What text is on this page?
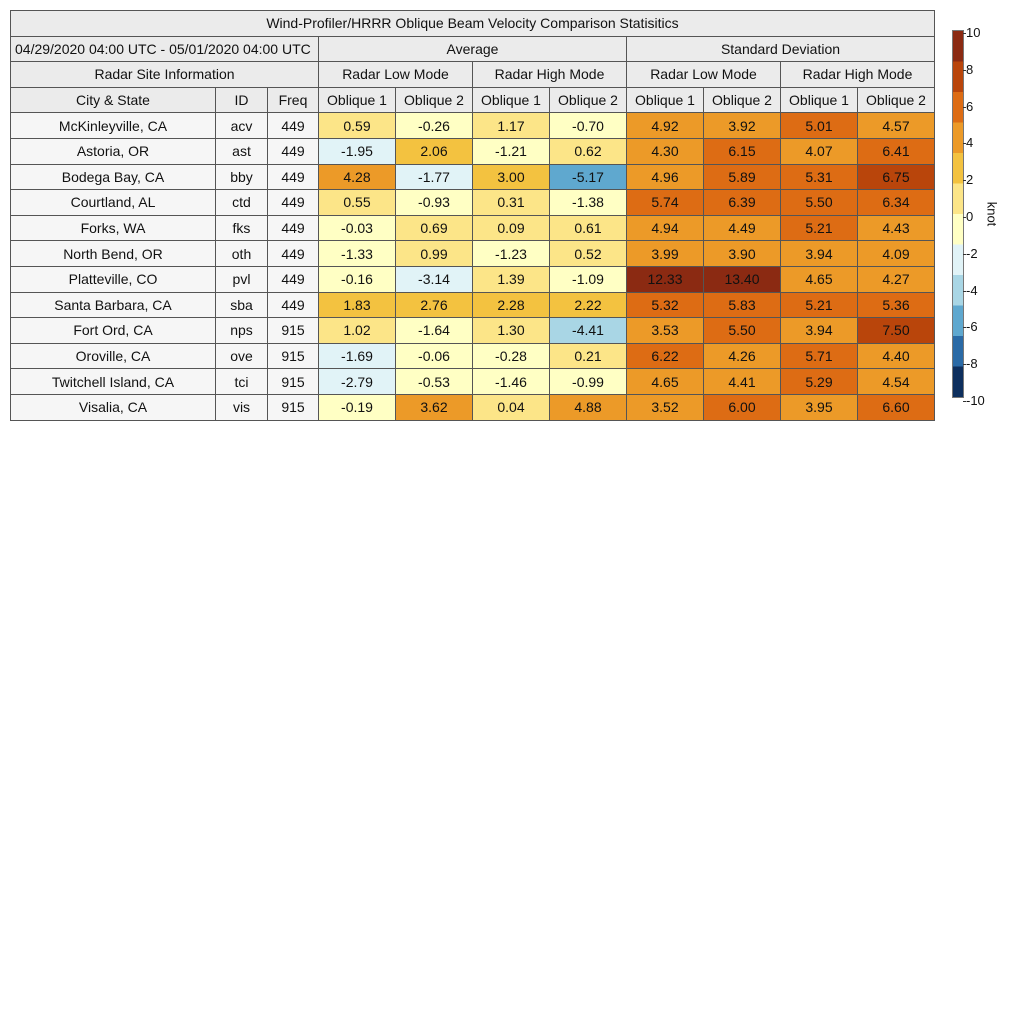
Wind-Profiler/HRRR Oblique Beam Velocity Comparison Statisitics										
04/29/2020 04:00 UTC - 05/01/2020 04:00 UTC			Average				Standard Deviation			
Radar Site Information			Radar Low Mode		Radar High Mode		Radar Low Mode		Radar High Mode	
City & State	ID	Freq	Oblique 1	Oblique 2	Oblique 1	Oblique 2	Oblique 1	Oblique 2	Oblique 1	Oblique 2
McKinleyville, CA	acv	449	0.59	-0.26	1.17	-0.70	4.92	3.92	5.01	4.57
Astoria, OR	ast	449	-1.95	2.06	-1.21	0.62	4.30	6.15	4.07	6.41
Bodega Bay, CA	bby	449	4.28	-1.77	3.00	-5.17	4.96	5.89	5.31	6.75
Courtland, AL	ctd	449	0.55	-0.93	0.31	-1.38	5.74	6.39	5.50	6.34
Forks, WA	fks	449	-0.03	0.69	0.09	0.61	4.94	4.49	5.21	4.43
North Bend, OR	oth	449	-1.33	0.99	-1.23	0.52	3.99	3.90	3.94	4.09
Platteville, CO	pvl	449	-0.16	-3.14	1.39	-1.09	12.33	13.40	4.65	4.27
Santa Barbara, CA	sba	449	1.83	2.76	2.28	2.22	5.32	5.83	5.21	5.36
Fort Ord, CA	nps	915	1.02	-1.64	1.30	-4.41	3.53	5.50	3.94	7.50
Oroville, CA	ove	915	-1.69	-0.06	-0.28	0.21	6.22	4.26	5.71	4.40
Twitchell Island, CA	tci	915	-2.79	-0.53	-1.46	-0.99	4.65	4.41	5.29	4.54
Visalia, CA	vis	915	-0.19	3.62	0.04	4.88	3.52	6.00	3.95	6.60
10
8
6
4
2
0
-2
-4
-6
-8
-10
knot
